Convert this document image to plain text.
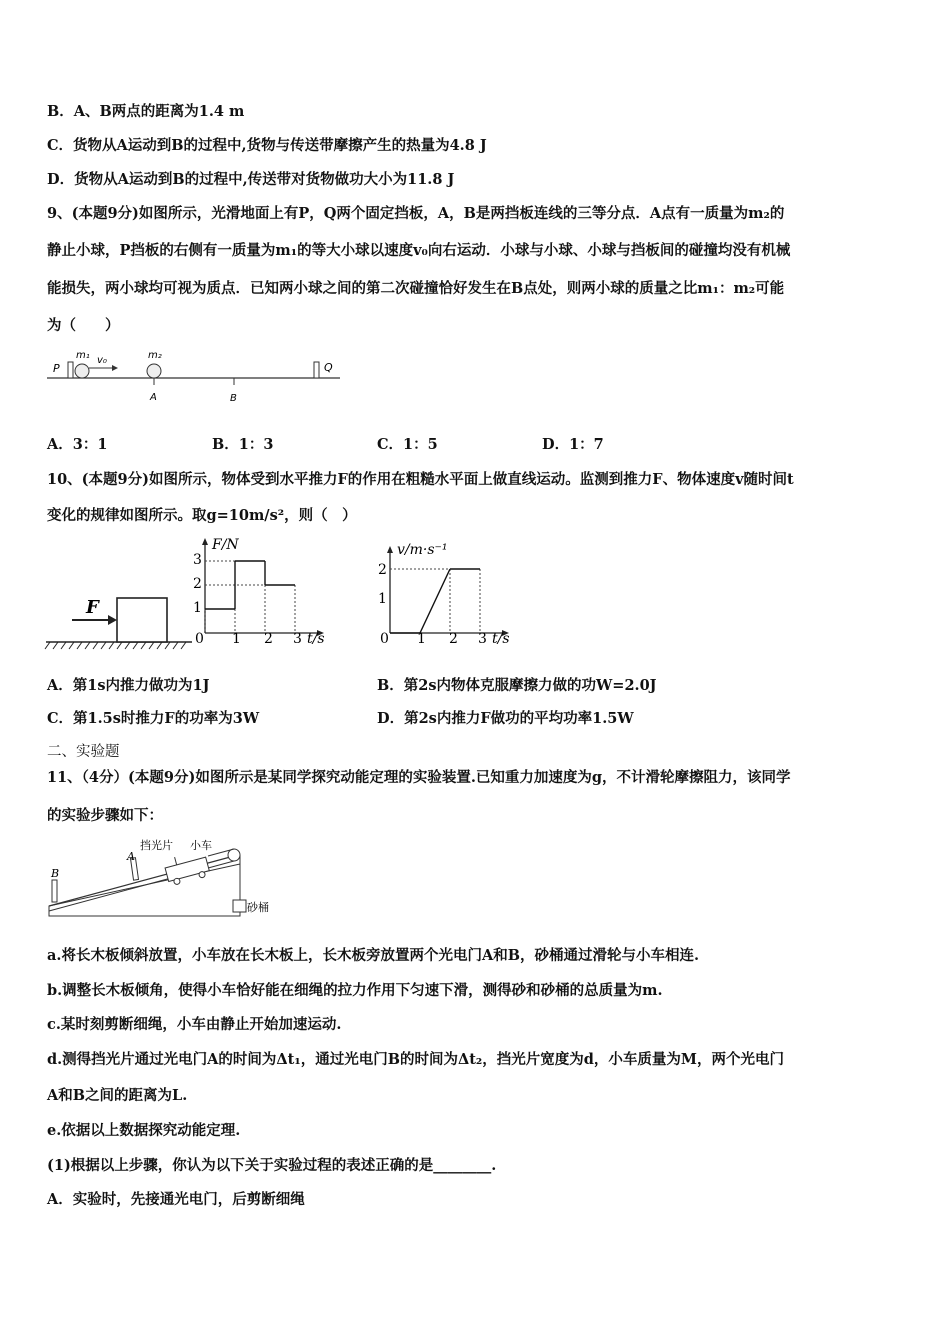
B．A、B两点的距离为1.4 m
C．货物从A运动到B的过程中,货物与传送带摩擦产生的热量为4.8 J
D．货物从A运动到B的过程中,传送带对货物做功大小为11.8 J
9、(本题9分)如图所示，光滑地面上有P，Q两个固定挡板，A，B是两挡板连线的三等分点．A点有一质量为m₂的
静止小球，P挡板的右侧有一质量为m₁的等大小球以速度v₀向右运动．小球与小球、小球与挡板间的碰撞均没有机械
能损失，两小球均可视为质点．已知两小球之间的第二次碰撞恰好发生在B点处，则两小球的质量之比m₁：m₂可能
为（　　）
P
m₁ v₀	m₂
A	B
Q
A．3：1	B．1：3	C．1：5	D．1：7
10、(本题9分)如图所示，物体受到水平推力F的作用在粗糙水平面上做直线运动。监测到推力F、物体速度v随时间t
变化的规律如图所示。取g=10m/s²，则（　）
F
F/N
t/s
0 1 2 3
1
2
3
v/m·s⁻¹
t/s
0 1 2 3
1
2
A．第1s内推力做功为1J	B．第2s内物体克服摩擦力做的功W=2.0J
C．第1.5s时推力F的功率为3W	D．第2s内推力F做功的平均功率1.5W
二、实验题
11、（4分）(本题9分)如图所示是某同学探究动能定理的实验装置.已知重力加速度为g，不计滑轮摩擦阻力，该同学
的实验步骤如下：
B
A
挡光片 小车
砂桶
a.将长木板倾斜放置，小车放在长木板上，长木板旁放置两个光电门A和B，砂桶通过滑轮与小车相连.
b.调整长木板倾角，使得小车恰好能在细绳的拉力作用下匀速下滑，测得砂和砂桶的总质量为m.
c.某时刻剪断细绳，小车由静止开始加速运动.
d.测得挡光片通过光电门A的时间为Δt₁，通过光电门B的时间为Δt₂，挡光片宽度为d，小车质量为M，两个光电门
A和B之间的距离为L.
e.依据以上数据探究动能定理.
(1)根据以上步骤，你认为以下关于实验过程的表述正确的是________.
A．实验时，先接通光电门，后剪断细绳
